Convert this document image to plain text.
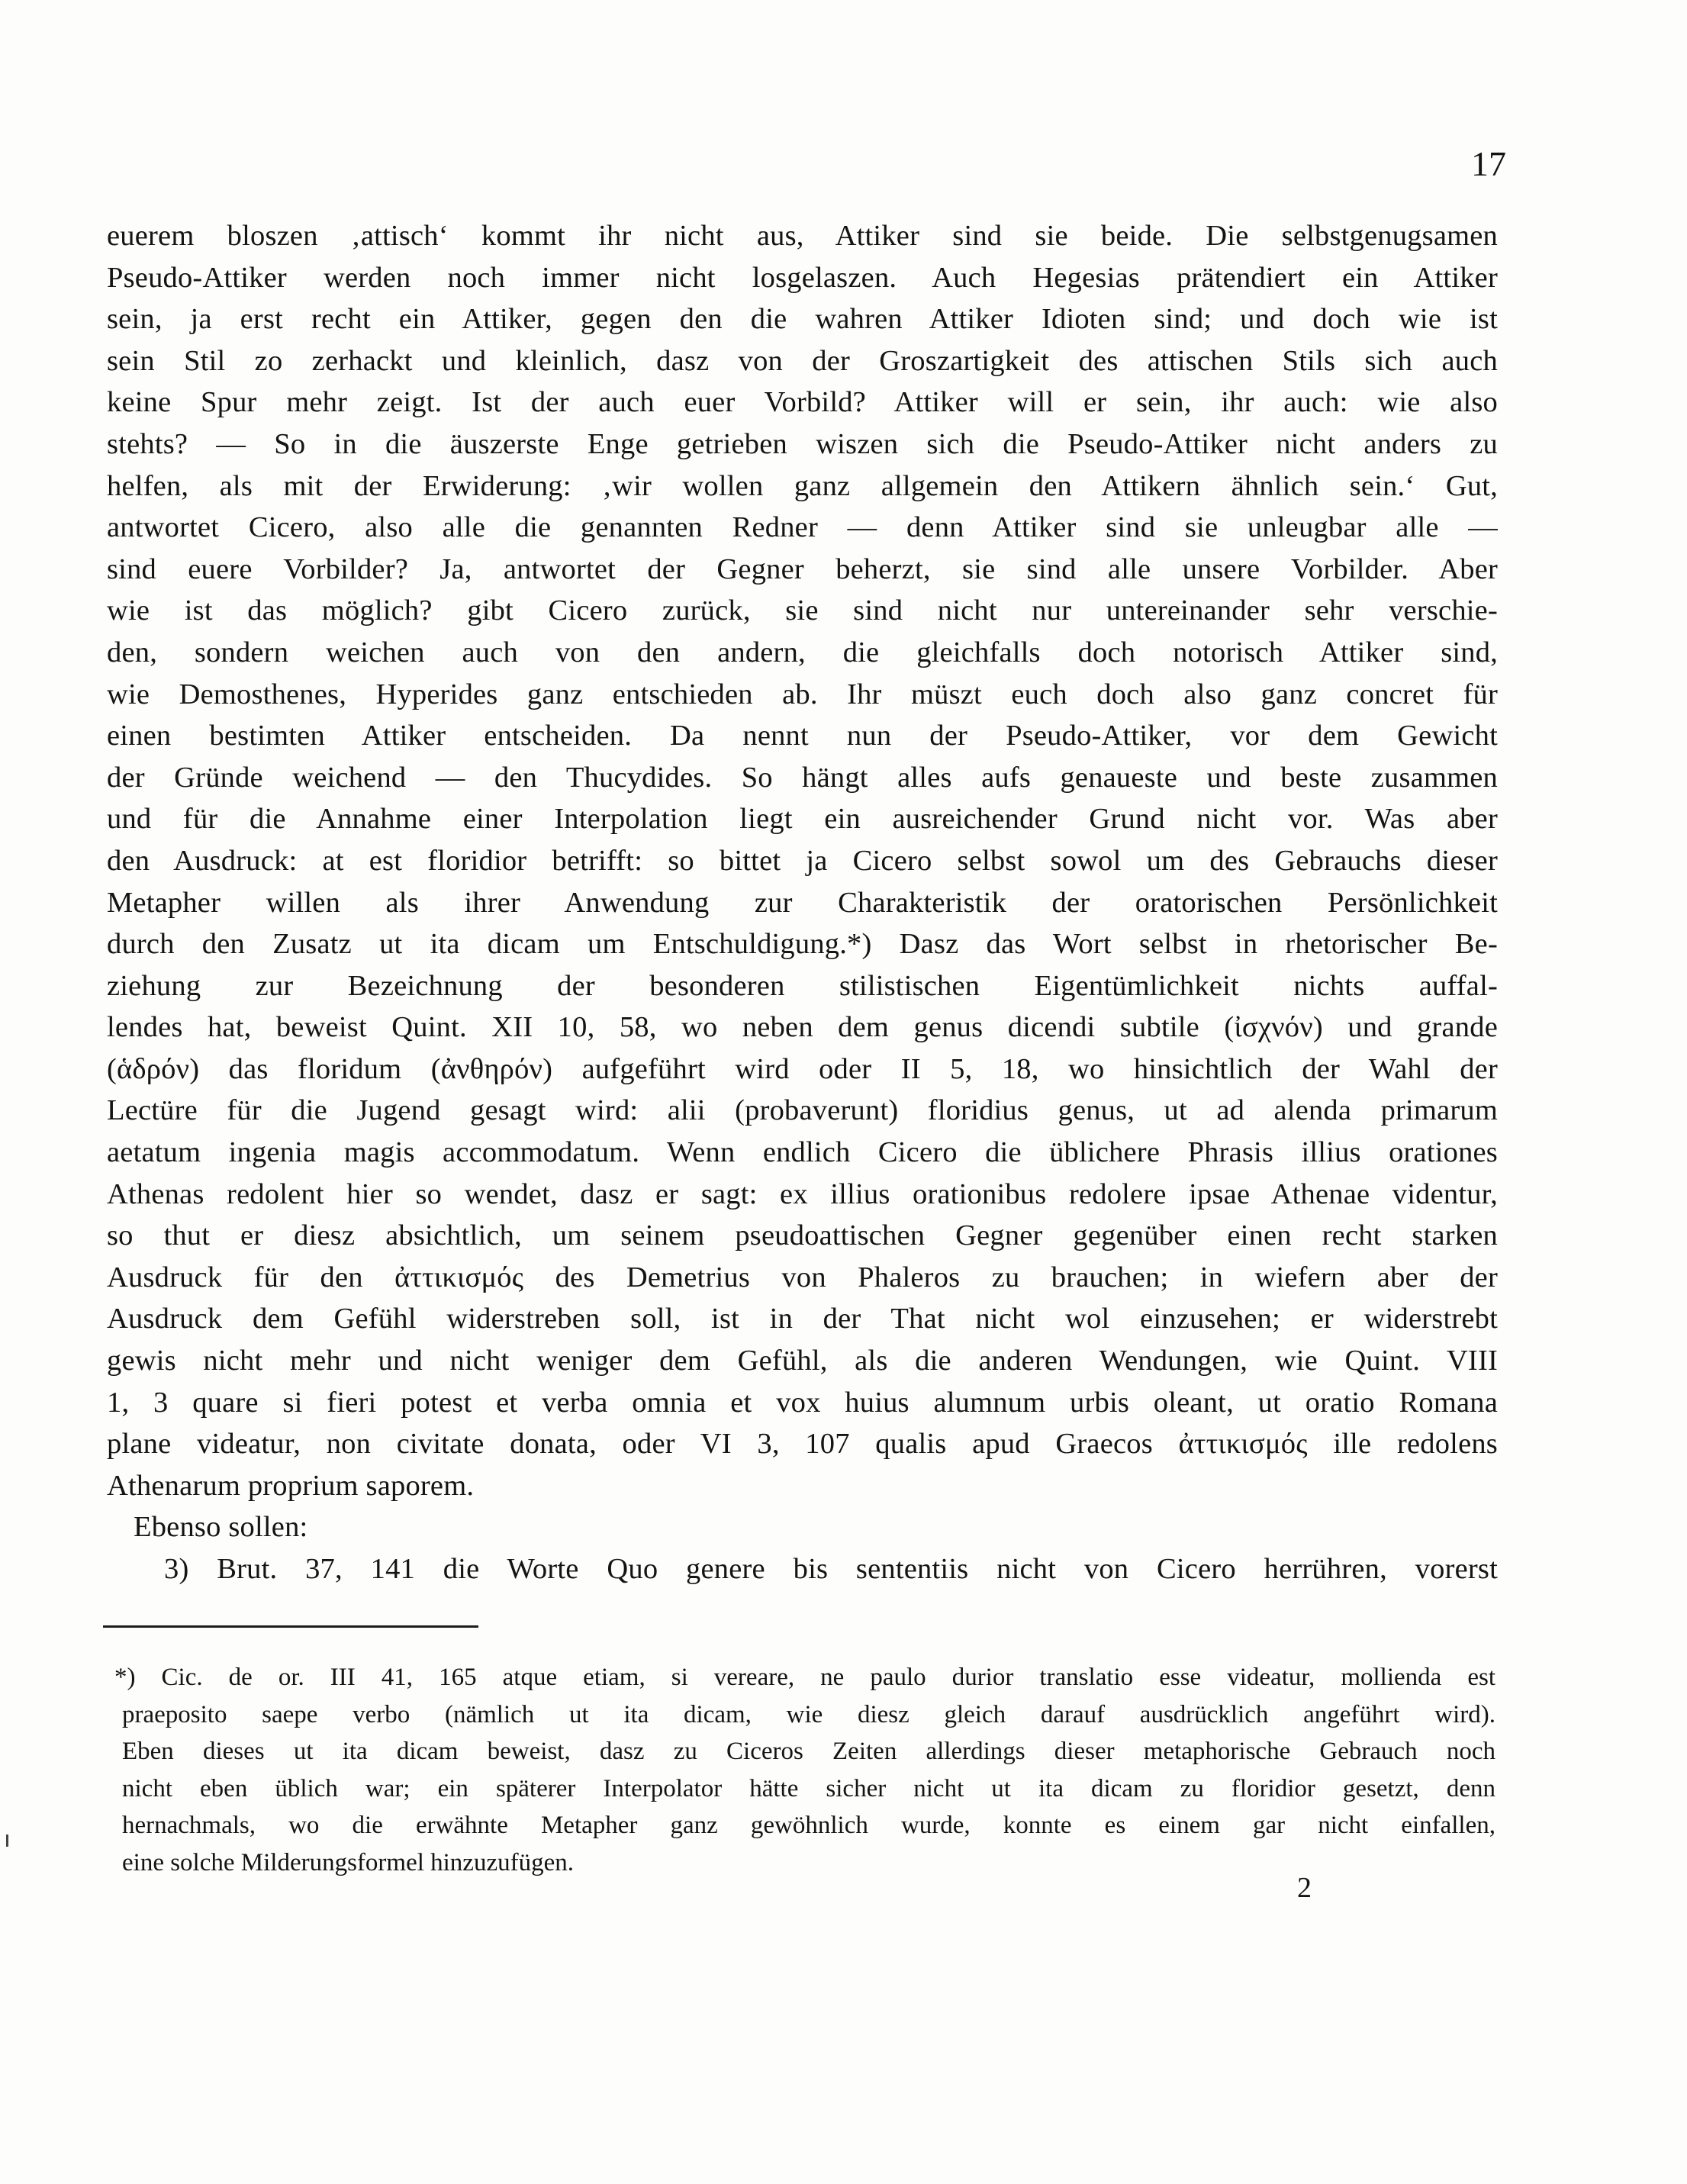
17
euerem bloszen ‚attisch‘ kommt ihr nicht aus, Attiker sind sie beide. Die selbstgenugsamen
Pseudo-Attiker werden noch immer nicht losgelaszen. Auch Hegesias prätendiert ein Attiker
sein, ja erst recht ein Attiker, gegen den die wahren Attiker Idioten sind; und doch wie ist
sein Stil zo zerhackt und kleinlich, dasz von der Groszartigkeit des attischen Stils sich auch
keine Spur mehr zeigt. Ist der auch euer Vorbild? Attiker will er sein, ihr auch: wie also
stehts? — So in die äuszerste Enge getrieben wiszen sich die Pseudo-Attiker nicht anders zu
helfen, als mit der Erwiderung: ‚wir wollen ganz allgemein den Attikern ähnlich sein.‘ Gut,
antwortet Cicero, also alle die genannten Redner — denn Attiker sind sie unleugbar alle —
sind euere Vorbilder? Ja, antwortet der Gegner beherzt, sie sind alle unsere Vorbilder. Aber
wie ist das möglich? gibt Cicero zurück, sie sind nicht nur untereinander sehr verschie-
den, sondern weichen auch von den andern, die gleichfalls doch notorisch Attiker sind,
wie Demosthenes, Hyperides ganz entschieden ab. Ihr müszt euch doch also ganz concret für
einen bestimten Attiker entscheiden. Da nennt nun der Pseudo-Attiker, vor dem Gewicht
der Gründe weichend — den Thucydides. So hängt alles aufs genaueste und beste zusammen
und für die Annahme einer Interpolation liegt ein ausreichender Grund nicht vor. Was aber
den Ausdruck: at est floridior betrifft: so bittet ja Cicero selbst sowol um des Gebrauchs dieser
Metapher willen als ihrer Anwendung zur Charakteristik der oratorischen Persönlichkeit
durch den Zusatz ut ita dicam um Entschuldigung.*) Dasz das Wort selbst in rhetorischer Be-
ziehung zur Bezeichnung der besonderen stilistischen Eigentümlichkeit nichts auffal-
lendes hat, beweist Quint. XII 10, 58, wo neben dem genus dicendi subtile (ἰσχνόν) und grande
(ἁδρόν) das floridum (ἀνθηρόν) aufgeführt wird oder II 5, 18, wo hinsichtlich der Wahl der
Lectüre für die Jugend gesagt wird: alii (probaverunt) floridius genus, ut ad alenda primarum
aetatum ingenia magis accommodatum. Wenn endlich Cicero die üblichere Phrasis illius orationes
Athenas redolent hier so wendet, dasz er sagt: ex illius orationibus redolere ipsae Athenae videntur,
so thut er diesz absichtlich, um seinem pseudoattischen Gegner gegenüber einen recht starken
Ausdruck für den ἀττικισμός des Demetrius von Phaleros zu brauchen; in wiefern aber der
Ausdruck dem Gefühl widerstreben soll, ist in der That nicht wol einzusehen; er widerstrebt
gewis nicht mehr und nicht weniger dem Gefühl, als die anderen Wendungen, wie Quint. VIII
1, 3 quare si fieri potest et verba omnia et vox huius alumnum urbis oleant, ut oratio Romana
plane videatur, non civitate donata, oder VI 3, 107 qualis apud Graecos ἀττικισμός ille redolens
Athenarum proprium saporem.
Ebenso sollen:
3) Brut. 37, 141 die Worte Quo genere bis sententiis nicht von Cicero herrühren, vorerst
*) Cic. de or. III 41, 165 atque etiam, si vereare, ne paulo durior translatio esse videatur, mollienda est
praeposito saepe verbo (nämlich ut ita dicam, wie diesz gleich darauf ausdrücklich angeführt wird).
Eben dieses ut ita dicam beweist, dasz zu Ciceros Zeiten allerdings dieser metaphorische Gebrauch noch
nicht eben üblich war; ein späterer Interpolator hätte sicher nicht ut ita dicam zu floridior gesetzt, denn
hernachmals, wo die erwähnte Metapher ganz gewöhnlich wurde, konnte es einem gar nicht einfallen,
eine solche Milderungsformel hinzuzufügen.
2
